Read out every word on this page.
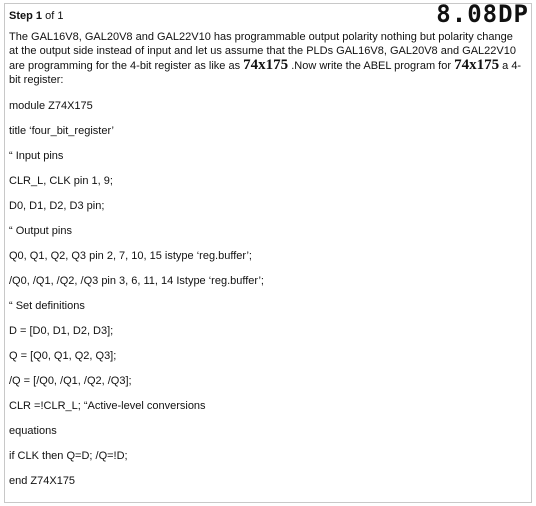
Step 1 of 1	8.08DP
The GAL16V8, GAL20V8 and GAL22V10 has programmable output polarity nothing but polarity change at the output side instead of input and let us assume that the PLDs GAL16V8, GAL20V8 and GAL22V10 are programming for the 4-bit register as like as 74x175 .Now write the ABEL program for 74x175 a 4-bit register:
module Z74X175
title ‘four_bit_register’
“ Input pins
CLR_L, CLK pin 1, 9;
D0, D1, D2, D3 pin;
“ Output pins
Q0, Q1, Q2, Q3 pin 2, 7, 10, 15 istype ‘reg.buffer’;
/Q0, /Q1, /Q2, /Q3 pin 3, 6, 11, 14 Istype ‘reg.buffer’;
“ Set definitions
D = [D0, D1, D2, D3];
Q = [Q0, Q1, Q2, Q3];
/Q = [/Q0, /Q1, /Q2, /Q3];
CLR =!CLR_L; “Active-level conversions
equations
if CLK then Q=D; /Q=!D;
end Z74X175
